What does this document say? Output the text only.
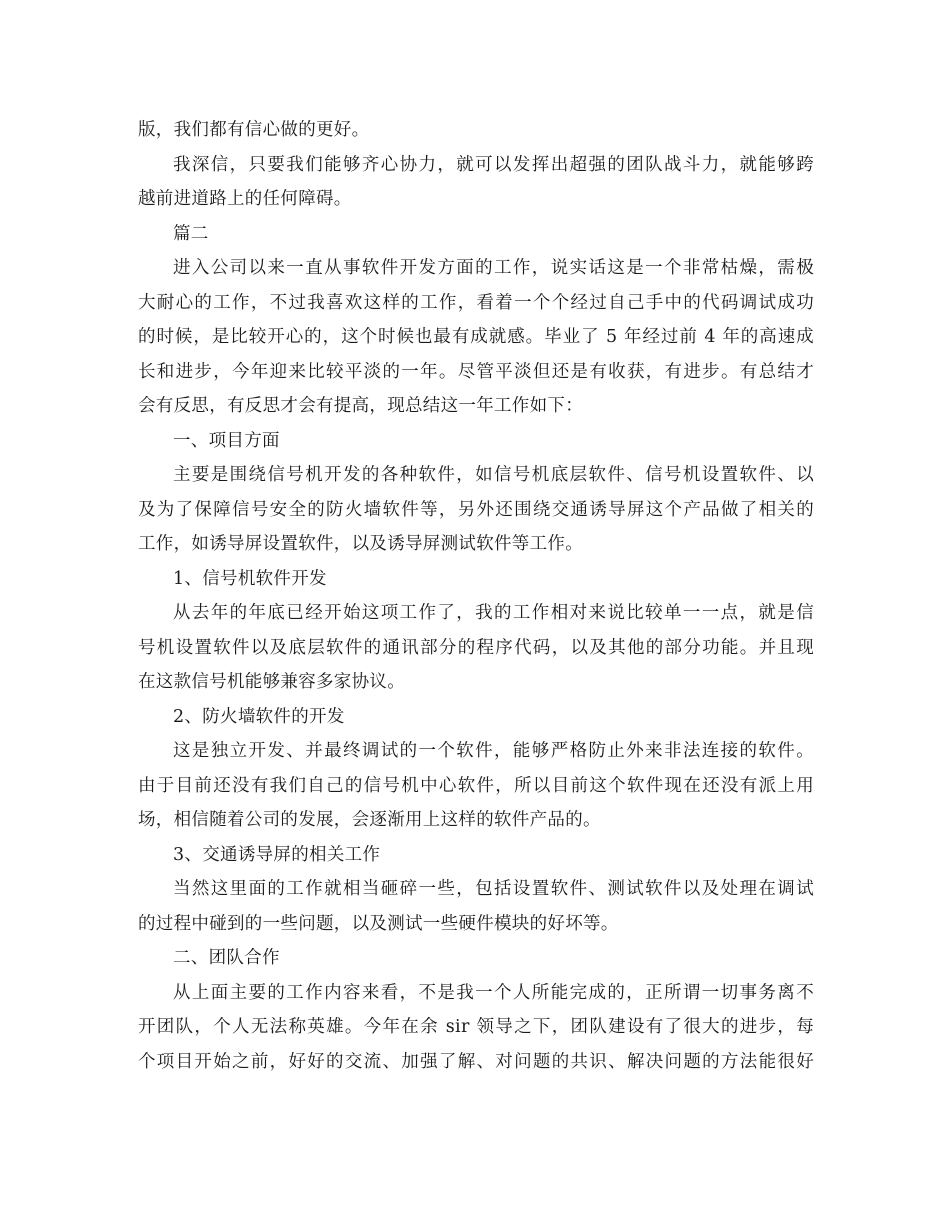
版，我们都有信心做的更好。
我深信，只要我们能够齐心协力，就可以发挥出超强的团队战斗力，就能够跨
越前进道路上的任何障碍。
篇二
进入公司以来一直从事软件开发方面的工作，说实话这是一个非常枯燥，需极
大耐心的工作，不过我喜欢这样的工作，看着一个个经过自己手中的代码调试成功
的时候，是比较开心的，这个时候也最有成就感。毕业了 5 年经过前 4 年的高速成
长和进步，今年迎来比较平淡的一年。尽管平淡但还是有收获，有进步。有总结才
会有反思，有反思才会有提高，现总结这一年工作如下：
一、项目方面
主要是围绕信号机开发的各种软件，如信号机底层软件、信号机设置软件、以
及为了保障信号安全的防火墙软件等，另外还围绕交通诱导屏这个产品做了相关的
工作，如诱导屏设置软件，以及诱导屏测试软件等工作。
1、信号机软件开发
从去年的年底已经开始这项工作了，我的工作相对来说比较单一一点，就是信
号机设置软件以及底层软件的通讯部分的程序代码，以及其他的部分功能。并且现
在这款信号机能够兼容多家协议。
2、防火墙软件的开发
这是独立开发、并最终调试的一个软件，能够严格防止外来非法连接的软件。
由于目前还没有我们自己的信号机中心软件，所以目前这个软件现在还没有派上用
场，相信随着公司的发展，会逐渐用上这样的软件产品的。
3、交通诱导屏的相关工作
当然这里面的工作就相当砸碎一些，包括设置软件、测试软件以及处理在调试
的过程中碰到的一些问题，以及测试一些硬件模块的好坏等。
二、团队合作
从上面主要的工作内容来看，不是我一个人所能完成的，正所谓一切事务离不
开团队，个人无法称英雄。今年在余 sir 领导之下，团队建设有了很大的进步，每
个项目开始之前，好好的交流、加强了解、对问题的共识、解决问题的方法能很好
